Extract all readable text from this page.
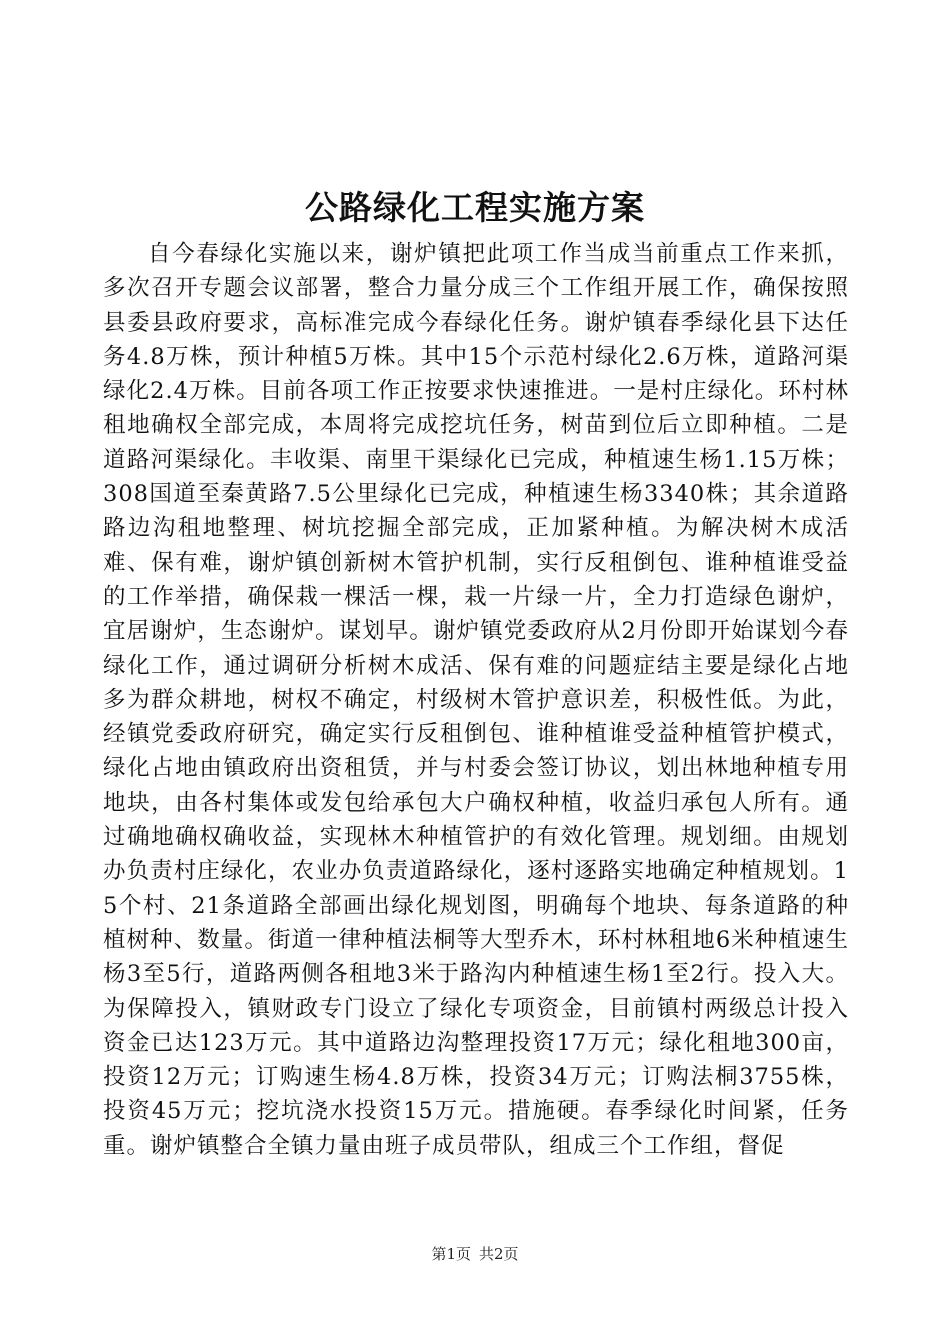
公路绿化工程实施方案

自今春绿化实施以来，谢炉镇把此项工作当成当前重点工作来抓，多次召开专题会议部署，整合力量分成三个工作组开展工作，确保按照县委县政府要求，高标准完成今春绿化任务。谢炉镇春季绿化县下达任务4.8万株，预计种植5万株。其中15个示范村绿化2.6万株，道路河渠绿化2.4万株。目前各项工作正按要求快速推进。一是村庄绿化。环村林租地确权全部完成，本周将完成挖坑任务，树苗到位后立即种植。二是道路河渠绿化。丰收渠、南里干渠绿化已完成，种植速生杨1.15万株；308国道至秦黄路7.5公里绿化已完成，种植速生杨3340株；其余道路路边沟租地整理、树坑挖掘全部完成，正加紧种植。为解决树木成活难、保有难，谢炉镇创新树木管护机制，实行反租倒包、谁种植谁受益的工作举措，确保栽一棵活一棵，栽一片绿一片，全力打造绿色谢炉，宜居谢炉，生态谢炉。谋划早。谢炉镇党委政府从2月份即开始谋划今春绿化工作，通过调研分析树木成活、保有难的问题症结主要是绿化占地多为群众耕地，树权不确定，村级树木管护意识差，积极性低。为此，经镇党委政府研究，确定实行反租倒包、谁种植谁受益种植管护模式，绿化占地由镇政府出资租赁，并与村委会签订协议，划出林地种植专用地块，由各村集体或发包给承包大户确权种植，收益归承包人所有。通过确地确权确收益，实现林木种植管护的有效化管理。规划细。由规划办负责村庄绿化，农业办负责道路绿化，逐村逐路实地确定种植规划。15个村、21条道路全部画出绿化规划图，明确每个地块、每条道路的种植树种、数量。街道一律种植法桐等大型乔木，环村林租地6米种植速生杨3至5行，道路两侧各租地3米于路沟内种植速生杨1至2行。投入大。为保障投入，镇财政专门设立了绿化专项资金，目前镇村两级总计投入资金已达123万元。其中道路边沟整理投资17万元；绿化租地300亩，投资12万元；订购速生杨4.8万株，投资34万元；订购法桐3755株，投资45万元；挖坑浇水投资15万元。措施硬。春季绿化时间紧，任务重。谢炉镇整合全镇力量由班子成员带队，组成三个工作组，督促

第1页 共2页
